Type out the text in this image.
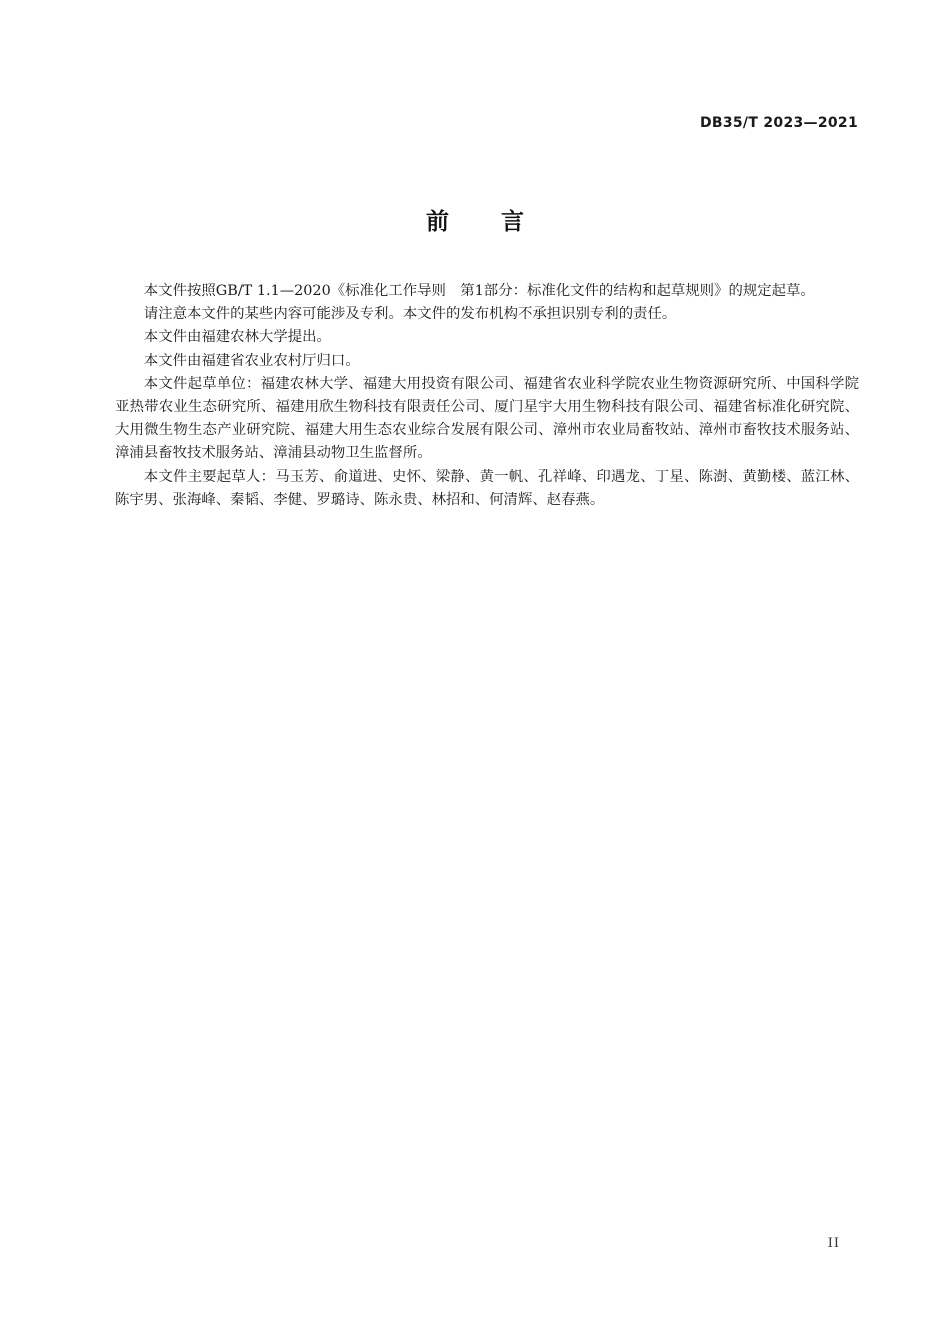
DB35/T 2023—2021
前言

本文件按照GB/T 1.1—2020《标准化工作导则　第1部分：标准化文件的结构和起草规则》的规定起草。

请注意本文件的某些内容可能涉及专利。本文件的发布机构不承担识别专利的责任。

本文件由福建农林大学提出。

本文件由福建省农业农村厅归口。

本文件起草单位：福建农林大学、福建大用投资有限公司、福建省农业科学院农业生物资源研究所、中国科学院亚热带农业生态研究所、福建用欣生物科技有限责任公司、厦门星宇大用生物科技有限公司、福建省标准化研究院、大用微生物生态产业研究院、福建大用生态农业综合发展有限公司、漳州市农业局畜牧站、漳州市畜牧技术服务站、漳浦县畜牧技术服务站、漳浦县动物卫生监督所。

本文件主要起草人：马玉芳、俞道进、史怀、梁静、黄一帆、孔祥峰、印遇龙、丁星、陈澍、黄勤楼、蓝江林、陈宇男、张海峰、秦韬、李健、罗璐诗、陈永贵、林招和、何清辉、赵春燕。

II
